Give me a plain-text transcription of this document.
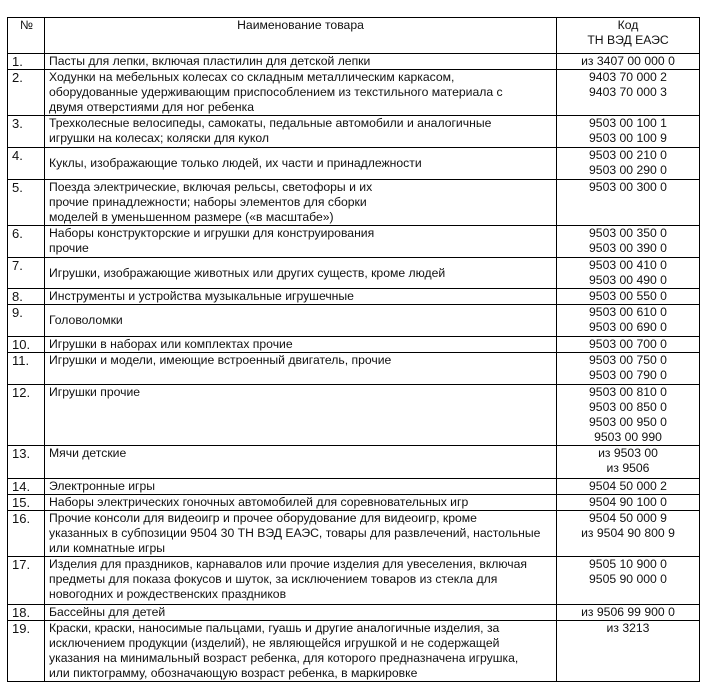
№	Наименование товара	Код
ТН ВЭД ЕАЭС

1.	Пасты для лепки, включая пластилин для детской лепки	из 3407 00 000 0

2.	Ходунки на мебельных колесах со складным металлическим каркасом,
оборудованные удерживающим приспособлением из текстильного материала с
двумя отверстиями для ног ребенка	9403 70 000 2
9403 70 000 3

3.	Трехколесные велосипеды, самокаты, педальные автомобили и аналогичные
игрушки на колесах; коляски для кукол	9503 00 100 1
9503 00 100 9

4.	Куклы, изображающие только людей, их части и принадлежности	9503 00 210 0
9503 00 290 0

5.	Поезда электрические, включая рельсы, светофоры и их
прочие принадлежности; наборы элементов для сборки
моделей в уменьшенном размере («в масштабе»)	9503 00 300 0

6.	Наборы конструкторские и игрушки для конструирования
прочие	9503 00 350 0
9503 00 390 0

7.	Игрушки, изображающие животных или других существ, кроме людей	9503 00 410 0
9503 00 490 0

8.	Инструменты и устройства музыкальные игрушечные	9503 00 550 0

9.	Головоломки	9503 00 610 0
9503 00 690 0

10.	Игрушки в наборах или комплектах прочие	9503 00 700 0

11.	Игрушки и модели, имеющие встроенный двигатель, прочие	9503 00 750 0
9503 00 790 0

12.	Игрушки прочие	9503 00 810 0
9503 00 850 0
9503 00 950 0
9503 00 990

13.	Мячи детские	из 9503 00
из 9506

14.	Электронные игры	9504 50 000 2

15.	Наборы электрических гоночных автомобилей для соревновательных игр	9504 90 100 0

16.	Прочие консоли для видеоигр и прочее оборудование для видеоигр, кроме
указанных в субпозиции 9504 30 ТН ВЭД ЕАЭС, товары для развлечений, настольные
или комнатные игры	9504 50 000 9
из 9504 90 800 9

17.	Изделия для праздников, карнавалов или прочие изделия для увеселения, включая
предметы для показа фокусов и шуток, за исключением товаров из стекла для
новогодних и рождественских праздников	9505 10 900 0
9505 90 000 0

18.	Бассейны для детей	из 9506 99 900 0

19.	Краски, краски, наносимые пальцами, гуашь и другие аналогичные изделия, за
исключением продукции (изделий), не являющейся игрушкой и не содержащей
указания на минимальный возраст ребенка, для которого предназначена игрушка,
или пиктограмму, обозначающую возраст ребенка, в маркировке	из 3213
